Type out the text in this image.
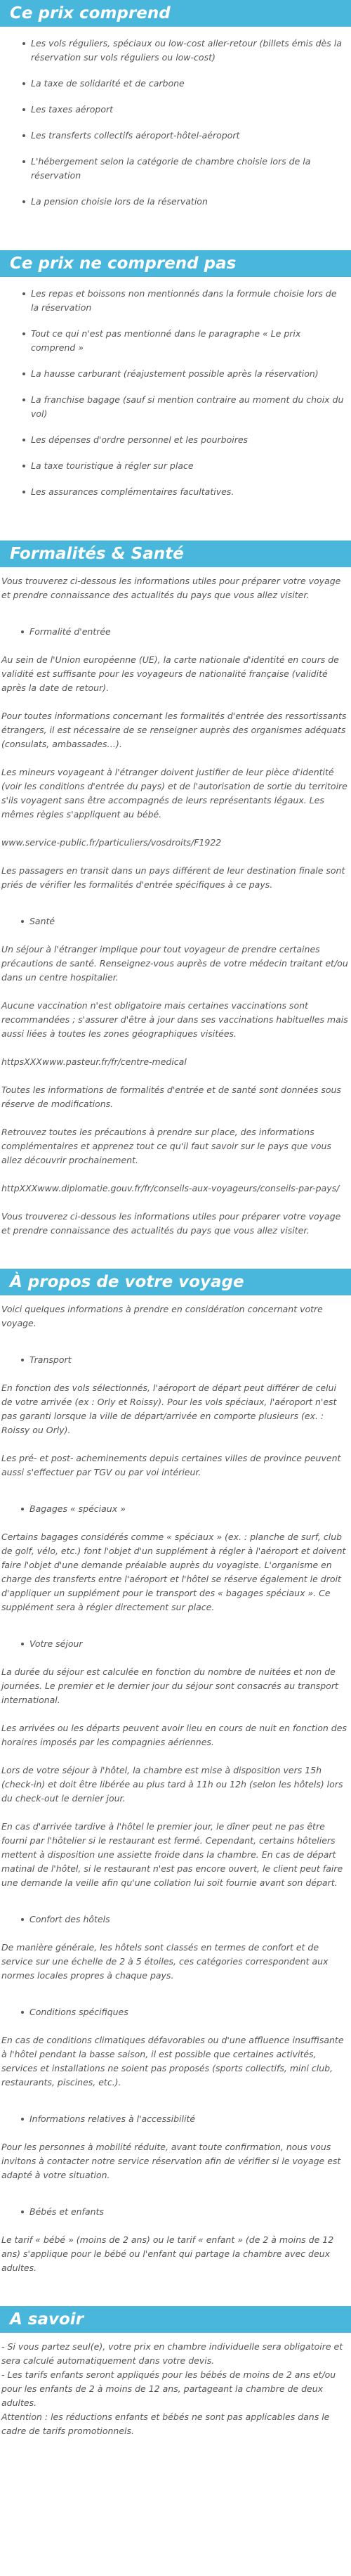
Ce prix comprend
Les vols réguliers, spéciaux ou low-cost aller-retour (billets émis dès la réservation sur vols réguliers ou low-cost)
La taxe de solidarité et de carbone
Les taxes aéroport
Les transferts collectifs aéroport-hôtel-aéroport
L'hébergement selon la catégorie de chambre choisie lors de la réservation
La pension choisie lors de la réservation
Ce prix ne comprend pas
Les repas et boissons non mentionnés dans la formule choisie lors de la réservation
Tout ce qui n'est pas mentionné dans le paragraphe « Le prix comprend »
La hausse carburant (réajustement possible après la réservation)
La franchise bagage (sauf si mention contraire au moment du choix du vol)
Les dépenses d'ordre personnel et les pourboires
La taxe touristique à régler sur place
Les assurances complémentaires facultatives.
Formalités & Santé

Vous trouverez ci-dessous les informations utiles pour préparer votre voyage et prendre connaissance des actualités du pays que vous allez visiter.

Formalité d'entrée

Au sein de l'Union européenne (UE), la carte nationale d'identité en cours de validité est suffisante pour les voyageurs de nationalité française (validité après la date de retour).

Pour toutes informations concernant les formalités d'entrée des ressortissants étrangers, il est nécessaire de se renseigner auprès des organismes adéquats (consulats, ambassades…).

Les mineurs voyageant à l'étranger doivent justifier de leur pièce d'identité (voir les conditions d'entrée du pays) et de l'autorisation de sortie du territoire s'ils voyagent sans être accompagnés de leurs représentants légaux. Les mêmes règles s'appliquent au bébé.

www.service-public.fr/particuliers/vosdroits/F1922

Les passagers en transit dans un pays différent de leur destination finale sont priés de vérifier les formalités d'entrée spécifiques à ce pays.

Santé

Un séjour à l'étranger implique pour tout voyageur de prendre certaines précautions de santé. Renseignez-vous auprès de votre médecin traitant et/ou dans un centre hospitalier.

Aucune vaccination n'est obligatoire mais certaines vaccinations sont recommandées ; s'assurer d'être à jour dans ses vaccinations habituelles mais aussi liées à toutes les zones géographiques visitées.

httpsXXXwww.pasteur.fr/fr/centre-medical

Toutes les informations de formalités d'entrée et de santé sont données sous réserve de modifications.

Retrouvez toutes les précautions à prendre sur place, des informations complémentaires et apprenez tout ce qu'il faut savoir sur le pays que vous allez découvrir prochainement.

httpXXXwww.diplomatie.gouv.fr/fr/conseils-aux-voyageurs/conseils-par-pays/

Vous trouverez ci-dessous les informations utiles pour préparer votre voyage et prendre connaissance des actualités du pays que vous allez visiter.

À propos de votre voyage

Voici quelques informations à prendre en considération concernant votre voyage.

Transport

En fonction des vols sélectionnés, l'aéroport de départ peut différer de celui de votre arrivée (ex : Orly et Roissy). Pour les vols spéciaux, l'aéroport n'est pas garanti lorsque la ville de départ/arrivée en comporte plusieurs (ex. : Roissy ou Orly).

Les pré- et post- acheminements depuis certaines villes de province peuvent aussi s'effectuer par TGV ou par voi intérieur.

Bagages « spéciaux »

Certains bagages considérés comme « spéciaux » (ex. : planche de surf, club de golf, vélo, etc.) font l'objet d'un supplément à régler à l'aéroport et doivent faire l'objet d'une demande préalable auprès du voyagiste. L'organisme en charge des transferts entre l'aéroport et l'hôtel se réserve également le droit d'appliquer un supplément pour le transport des « bagages spéciaux ». Ce supplément sera à régler directement sur place.

Votre séjour

La durée du séjour est calculée en fonction du nombre de nuitées et non de journées. Le premier et le dernier jour du séjour sont consacrés au transport international.

Les arrivées ou les départs peuvent avoir lieu en cours de nuit en fonction des horaires imposés par les compagnies aériennes.

Lors de votre séjour à l'hôtel, la chambre est mise à disposition vers 15h (check-in) et doit être libérée au plus tard à 11h ou 12h (selon les hôtels) lors du check-out le dernier jour.

En cas d'arrivée tardive à l'hôtel le premier jour, le dîner peut ne pas être fourni par l'hôtelier si le restaurant est fermé. Cependant, certains hôteliers mettent à disposition une assiette froide dans la chambre. En cas de départ matinal de l'hôtel, si le restaurant n'est pas encore ouvert, le client peut faire une demande la veille afin qu'une collation lui soit fournie avant son départ.

Confort des hôtels

De manière générale, les hôtels sont classés en termes de confort et de service sur une échelle de 2 à 5 étoiles, ces catégories correspondent aux normes locales propres à chaque pays.

Conditions spécifiques

En cas de conditions climatiques défavorables ou d'une affluence insuffisante à l'hôtel pendant la basse saison, il est possible que certaines activités, services et installations ne soient pas proposés (sports collectifs, mini club, restaurants, piscines, etc.).

Informations relatives à l'accessibilité

Pour les personnes à mobilité réduite, avant toute confirmation, nous vous invitons à contacter notre service réservation afin de vérifier si le voyage est adapté à votre situation.

Bébés et enfants

Le tarif « bébé » (moins de 2 ans) ou le tarif « enfant » (de 2 à moins de 12 ans) s'applique pour le bébé ou l'enfant qui partage la chambre avec deux adultes.

A savoir

- Si vous partez seul(e), votre prix en chambre individuelle sera obligatoire et sera calculé automatiquement dans votre devis.

- Les tarifs enfants seront appliqués pour les bébés de moins de 2 ans et/ou pour les enfants de 2 à moins de 12 ans, partageant la chambre de deux adultes.

Attention : les réductions enfants et bébés ne sont pas applicables dans le cadre de tarifs promotionnels.
